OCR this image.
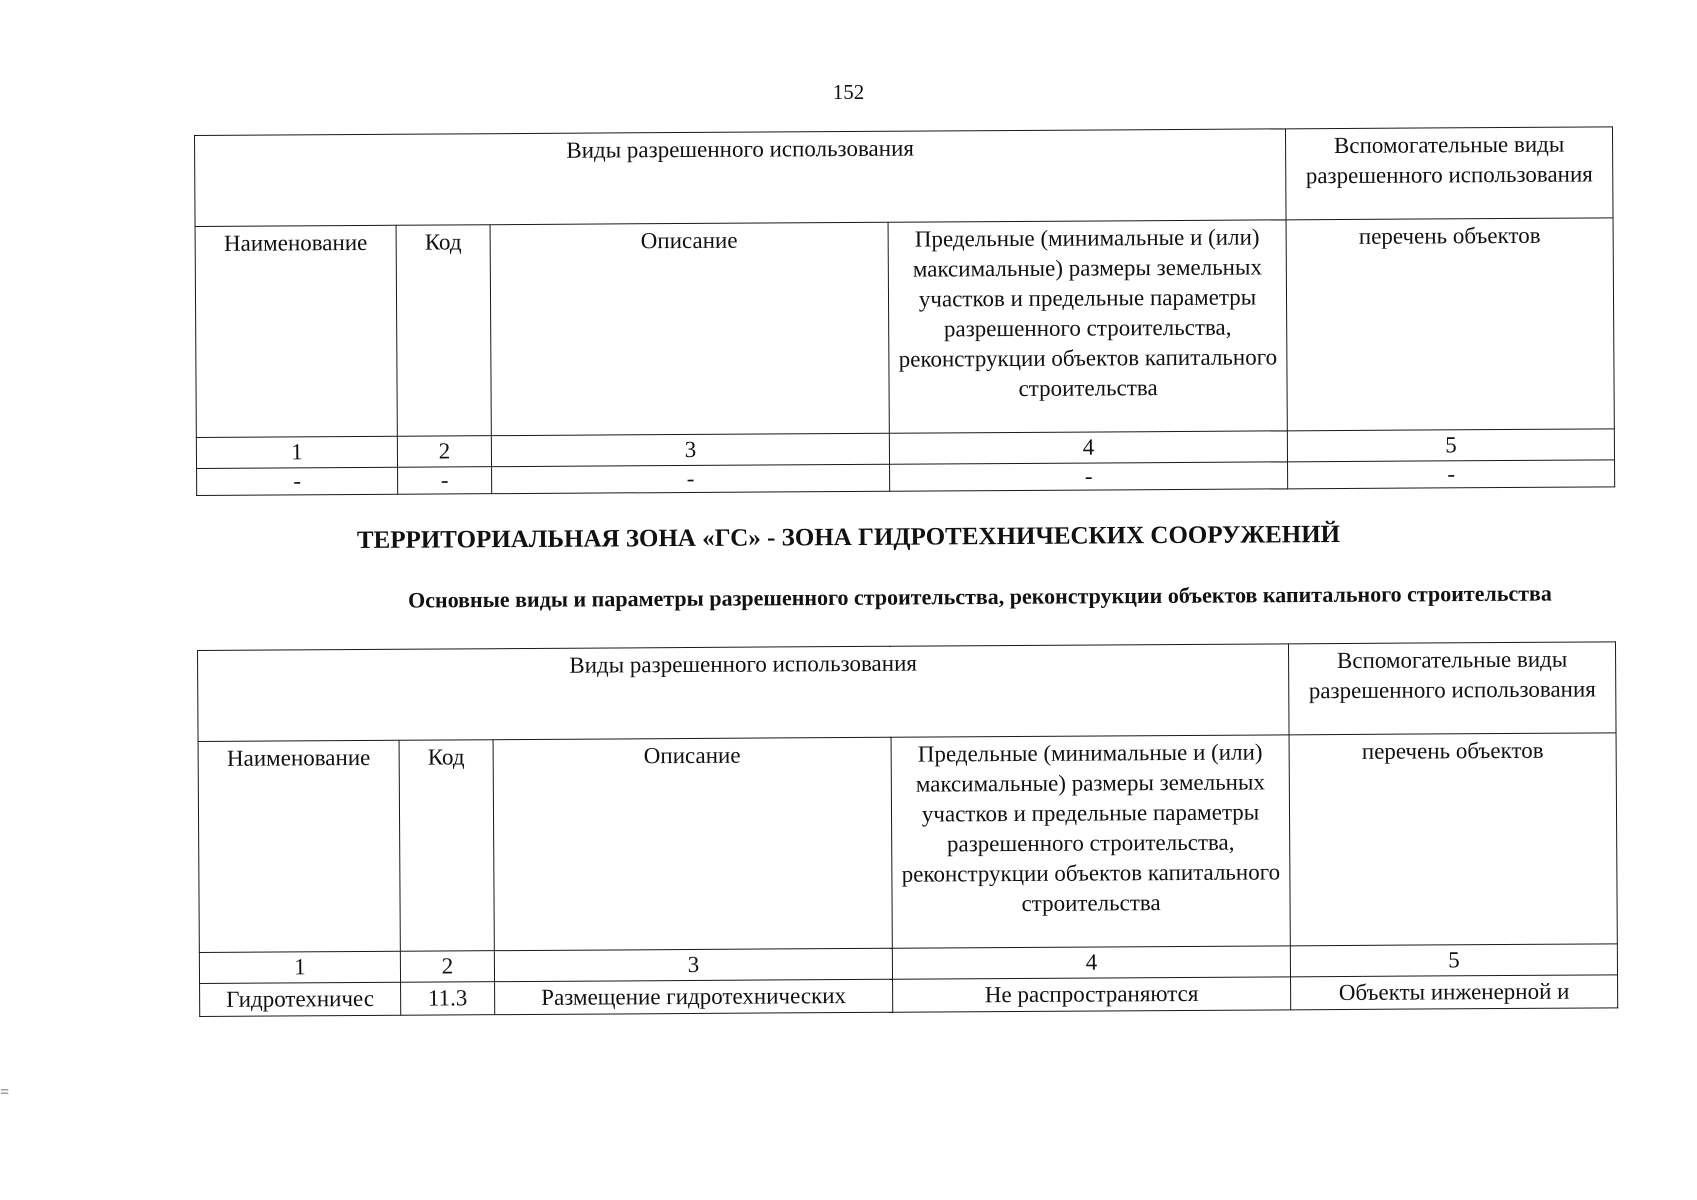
152
Виды разрешенного использования				Вспомогательные виды разрешенного использования
Наименование	Код	Описание	Предельные (минимальные и (или) максимальные) размеры земельных участков и предельные параметры разрешенного строительства, реконструкции объектов капитального строительства	перечень объектов
1	2	3	4	5
-	-	-	-	-
ТЕРРИТОРИАЛЬНАЯ ЗОНА «ГС» - ЗОНА ГИДРОТЕХНИЧЕСКИХ СООРУЖЕНИЙ
Основные виды и параметры разрешенного строительства, реконструкции объектов капитального строительства
Виды разрешенного использования				Вспомогательные виды разрешенного использования
Наименование	Код	Описание	Предельные (минимальные и (или) максимальные) размеры земельных участков и предельные параметры разрешенного строительства, реконструкции объектов капитального строительства	перечень объектов
1	2	3	4	5
Гидротехничес	11.3	Размещение гидротехнических	Не распространяются	Объекты инженерной и
=
